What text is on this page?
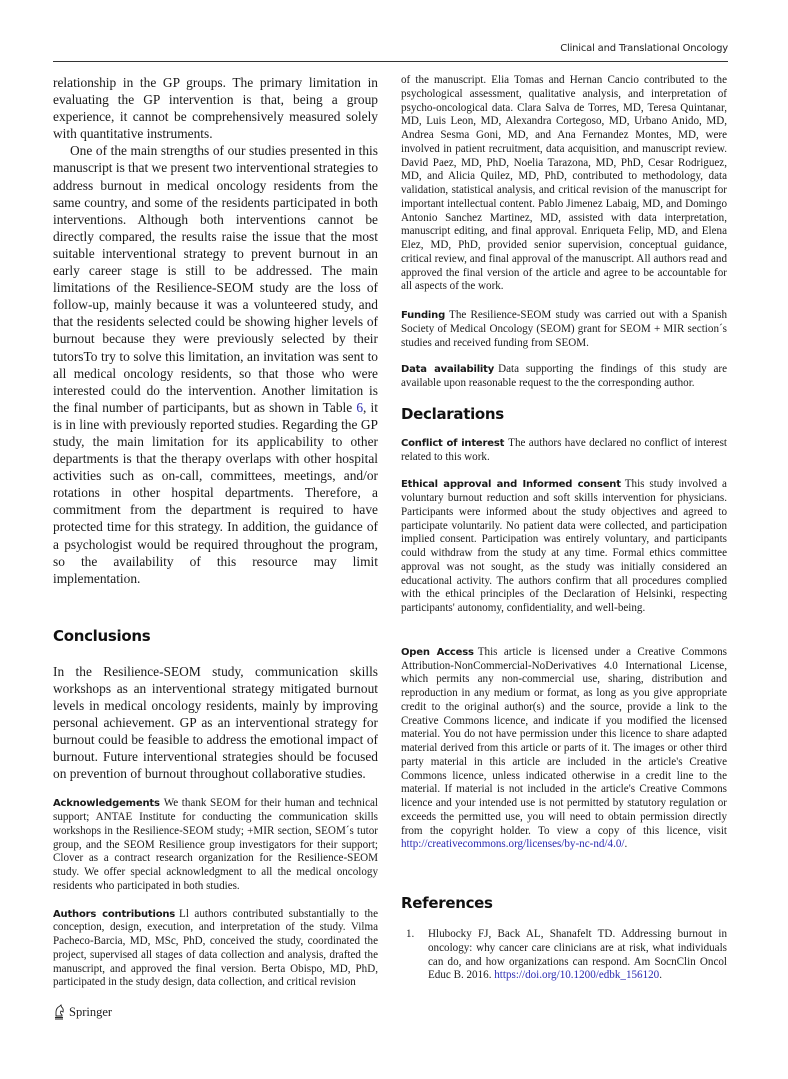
Clinical and Translational Oncology

relationship in the GP groups. The primary limitation in evaluating the GP intervention is that, being a group experience, it cannot be comprehensively measured solely with quantitative instruments.

One of the main strengths of our studies presented in this manuscript is that we present two interventional strategies to address burnout in medical oncology residents from the same country, and some of the residents participated in both interventions. Although both interventions cannot be directly compared, the results raise the issue that the most suitable interventional strategy to prevent burnout in an early career stage is still to be addressed. The main limitations of the Resilience-SEOM study are the loss of follow-up, mainly because it was a volunteered study, and that the residents selected could be showing higher levels of burnout because they were previously selected by their tutorsTo try to solve this limitation, an invitation was sent to all medical oncology residents, so that those who were interested could do the intervention. Another limitation is the final number of participants, but as shown in Table 6, it is in line with previously reported studies. Regarding the GP study, the main limitation for its applicability to other departments is that the therapy overlaps with other hospital activities such as on-call, committees, meetings, and/or rotations in other hospital departments. Therefore, a commitment from the department is required to have protected time for this strategy. In addition, the guidance of a psychologist would be required throughout the program, so the availability of this resource may limit implementation.

Conclusions

In the Resilience-SEOM study, communication skills workshops as an interventional strategy mitigated burnout levels in medical oncology residents, mainly by improving personal achievement. GP as an interventional strategy for burnout could be feasible to address the emotional impact of burnout. Future interventional strategies should be focused on prevention of burnout throughout collaborative studies.

Acknowledgements We thank SEOM for their human and technical support; ANTAE Institute for conducting the communication skills workshops in the Resilience-SEOM study; +MIR section, SEOM´s tutor group, and the SEOM Resilience group investigators for their support; Clover as a contract research organization for the Resilience-SEOM study. We offer special acknowledgment to all the medical oncology residents who participated in both studies.

Authors contributions Ll authors contributed substantially to the conception, design, execution, and interpretation of the study. Vilma Pacheco-Barcia, MD, MSc, PhD, conceived the study, coordinated the project, supervised all stages of data collection and analysis, drafted the manuscript, and approved the final version. Berta Obispo, MD, PhD, participated in the study design, data collection, and critical revision

of the manuscript. Elia Tomas and Hernan Cancio contributed to the psychological assessment, qualitative analysis, and interpretation of psycho-oncological data. Clara Salva de Torres, MD, Teresa Quintanar, MD, Luis Leon, MD, Alexandra Cortegoso, MD, Urbano Anido, MD, Andrea Sesma Goni, MD, and Ana Fernandez Montes, MD, were involved in patient recruitment, data acquisition, and manuscript review. David Paez, MD, PhD, Noelia Tarazona, MD, PhD, Cesar Rodriguez, MD, and Alicia Quilez, MD, PhD, contributed to methodology, data validation, statistical analysis, and critical revision of the manuscript for important intellectual content. Pablo Jimenez Labaig, MD, and Domingo Antonio Sanchez Martinez, MD, assisted with data interpretation, manuscript editing, and final approval. Enriqueta Felip, MD, and Elena Elez, MD, PhD, provided senior supervision, conceptual guidance, critical review, and final approval of the manuscript. All authors read and approved the final version of the article and agree to be accountable for all aspects of the work.

Funding The Resilience-SEOM study was carried out with a Spanish Society of Medical Oncology (SEOM) grant for SEOM + MIR section´s studies and received funding from SEOM.

Data availability Data supporting the findings of this study are available upon reasonable request to the the corresponding author.

Declarations

Conflict of interest The authors have declared no conflict of interest related to this work.

Ethical approval and Informed consent This study involved a voluntary burnout reduction and soft skills intervention for physicians. Participants were informed about the study objectives and agreed to participate voluntarily. No patient data were collected, and participation implied consent. Participation was entirely voluntary, and participants could withdraw from the study at any time. Formal ethics committee approval was not sought, as the study was initially considered an educational activity. The authors confirm that all procedures complied with the ethical principles of the Declaration of Helsinki, respecting participants' autonomy, confidentiality, and well-being.

Open Access This article is licensed under a Creative Commons Attribution-NonCommercial-NoDerivatives 4.0 International License, which permits any non-commercial use, sharing, distribution and reproduction in any medium or format, as long as you give appropriate credit to the original author(s) and the source, provide a link to the Creative Commons licence, and indicate if you modified the licensed material. You do not have permission under this licence to share adapted material derived from this article or parts of it. The images or other third party material in this article are included in the article's Creative Commons licence, unless indicated otherwise in a credit line to the material. If material is not included in the article's Creative Commons licence and your intended use is not permitted by statutory regulation or exceeds the permitted use, you will need to obtain permission directly from the copyright holder. To view a copy of this licence, visit http://creativecommons.org/licenses/by-nc-nd/4.0/.

References
1.	Hlubocky FJ, Back AL, Shanafelt TD. Addressing burnout in oncology: why cancer care clinicians are at risk, what individuals can do, and how organizations can respond. Am SocnClin Oncol Educ B. 2016. https://doi.org/10.1200/edbk_156120.
Springer
